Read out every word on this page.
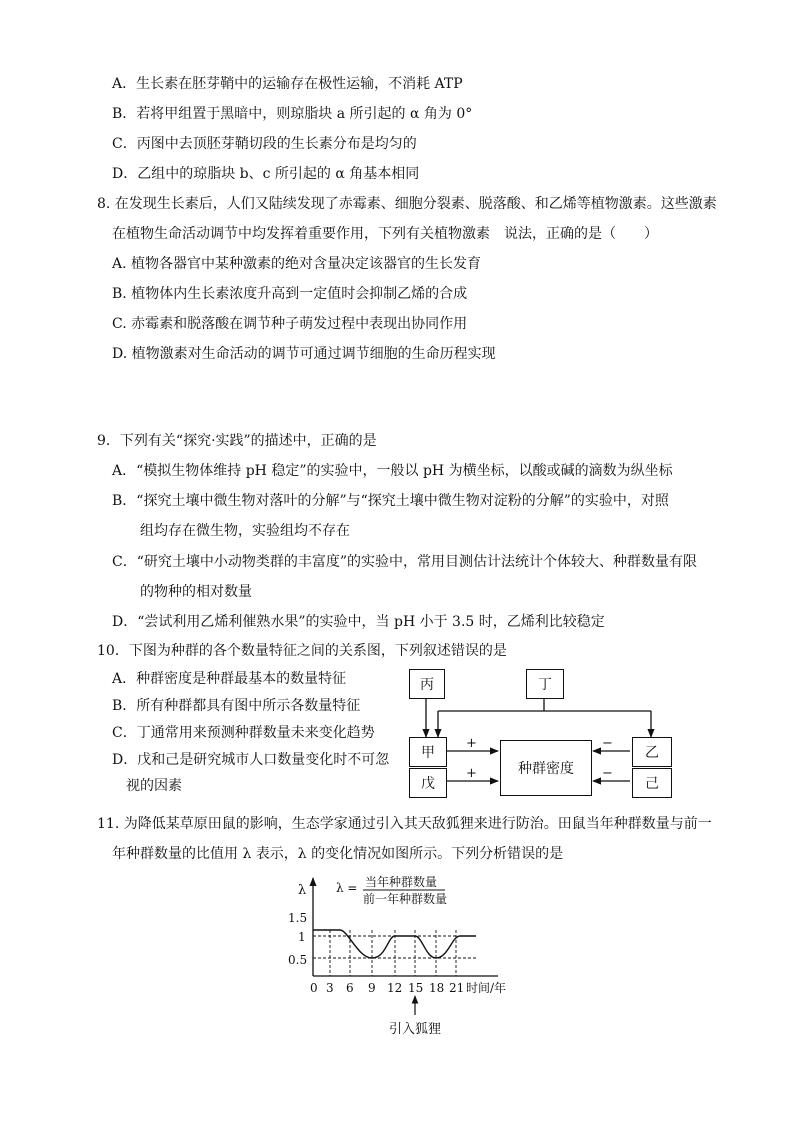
A．生长素在胚芽鞘中的运输存在极性运输，不消耗 ATP
B．若将甲组置于黑暗中，则琼脂块 a 所引起的 α 角为 0°
C．丙图中去顶胚芽鞘切段的生长素分布是均匀的
D．乙组中的琼脂块 b、c 所引起的 α 角基本相同
8. 在发现生长素后，人们又陆续发现了赤霉素、细胞分裂素、脱落酸、和乙烯等植物激素。这些激素
在植物生命活动调节中均发挥着重要作用，下列有关植物激素　说法，正确的是（　　）
A. 植物各器官中某种激素的绝对含量决定该器官的生长发育
B. 植物体内生长素浓度升高到一定值时会抑制乙烯的合成
C. 赤霉素和脱落酸在调节种子萌发过程中表现出协同作用
D. 植物激素对生命活动的调节可通过调节细胞的生命历程实现
9．下列有关“探究·实践”的描述中，正确的是
A．“模拟生物体维持 pH 稳定”的实验中，一般以 pH 为横坐标，以酸或碱的滴数为纵坐标
B．“探究土壤中微生物对落叶的分解”与“探究土壤中微生物对淀粉的分解”的实验中，对照
组均存在微生物，实验组均不存在
C．“研究土壤中小动物类群的丰富度”的实验中，常用目测估计法统计个体较大、种群数量有限
的物种的相对数量
D．“尝试利用乙烯利催熟水果”的实验中，当 pH 小于 3.5 时，乙烯利比较稳定
10．下图为种群的各个数量特征之间的关系图，下列叙述错误的是
A．种群密度是种群最基本的数量特征
B．所有种群都具有图中所示各数量特征
C．丁通常用来预测种群数量未来变化趋势
D．戊和己是研究城市人口数量变化时不可忽
视的因素
丙	丁
甲
戊
乙
己
种群密度
+
+
−
−
11. 为降低某草原田鼠的影响，生态学家通过引入其天敌狐狸来进行防治。田鼠当年种群数量与前一
年种群数量的比值用 λ 表示，λ 的变化情况如图所示。下列分析错误的是
λ λ = 当年种群数量
前一年种群数量
1.5
1
0.5
0 3 6 9 12 15 18 21 时间/年
引入狐狸
